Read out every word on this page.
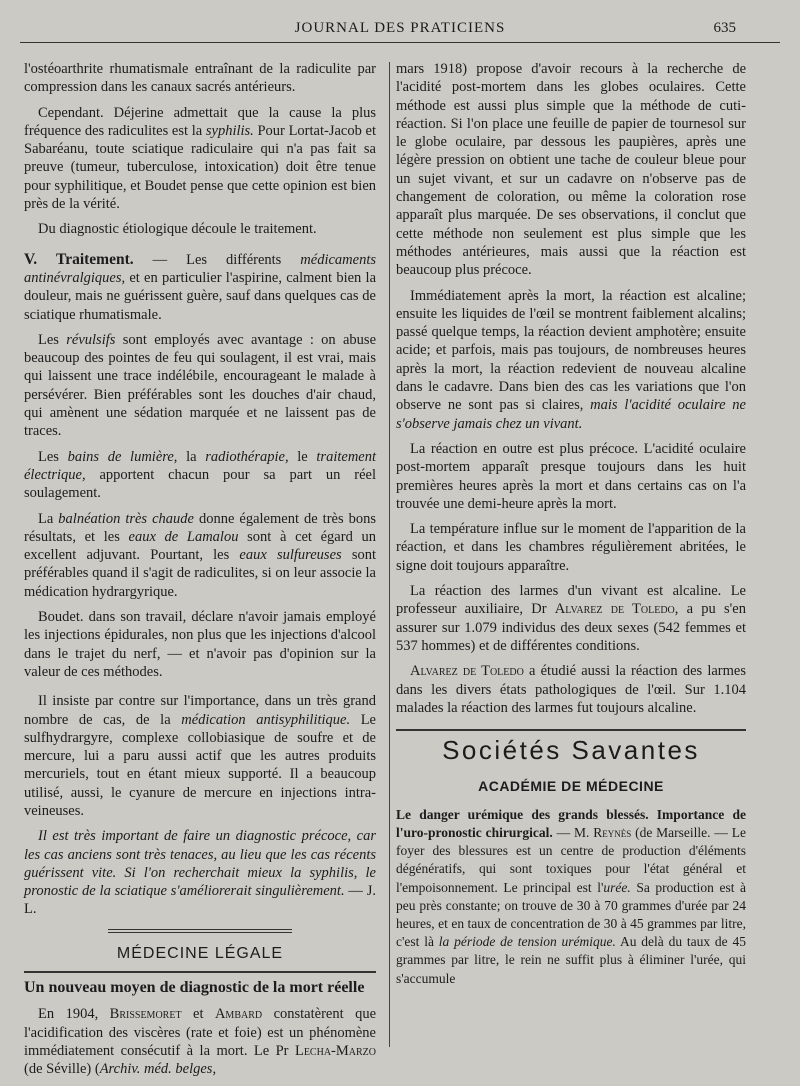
JOURNAL DES PRATICIENS	635

l'ostéoarthrite rhumatismale entraînant de la radiculite par compression dans les canaux sacrés antérieurs.

Cependant. Déjerine admettait que la cause la plus fréquence des radiculites est la syphilis. Pour Lortat-Jacob et Sabaréanu, toute sciatique radiculaire qui n'a pas fait sa preuve (tumeur, tuberculose, intoxication) doit être tenue pour syphilitique, et Boudet pense que cette opinion est bien près de la vérité.

Du diagnostic étiologique découle le traitement.

V. Traitement. — Les différents médicaments antinévralgiques, et en particulier l'aspirine, calment bien la douleur, mais ne guérissent guère, sauf dans quelques cas de sciatique rhumatismale.

Les révulsifs sont employés avec avantage : on abuse beaucoup des pointes de feu qui soulagent, il est vrai, mais qui laissent une trace indélébile, encourageant le malade à persévérer. Bien préférables sont les douches d'air chaud, qui amènent une sédation marquée et ne laissent pas de traces.

Les bains de lumière, la radiothérapie, le traitement électrique, apportent chacun pour sa part un réel soulagement.

La balnéation très chaude donne également de très bons résultats, et les eaux de Lamalou sont à cet égard un excellent adjuvant. Pourtant, les eaux sulfureuses sont préférables quand il s'agit de radiculites, si on leur associe la médication hydrargyrique.

Boudet. dans son travail, déclare n'avoir jamais employé les injections épidurales, non plus que les injections d'alcool dans le trajet du nerf, — et n'avoir pas d'opinion sur la valeur de ces méthodes.

Il insiste par contre sur l'importance, dans un très grand nombre de cas, de la médication antisyphilitique. Le sulfhydrargyre, complexe collobiasique de soufre et de mercure, lui a paru aussi actif que les autres produits mercuriels, tout en étant mieux supporté. Il a beaucoup utilisé, aussi, le cyanure de mercure en injections intra-veineuses.

Il est très important de faire un diagnostic précoce, car les cas anciens sont très tenaces, au lieu que les cas récents guérissent vite. Si l'on recherchait mieux la syphilis, le pronostic de la sciatique s'améliorerait singulièrement. — J. L.

MÉDECINE LÉGALE
Un nouveau moyen de diagnostic de la mort réelle

En 1904, Brissemoret et Ambard constatèrent que l'acidification des viscères (rate et foie) est un phénomène immédiatement consécutif à la mort. Le Pr Lecha-Marzo (de Séville) (Archiv. méd. belges,

mars 1918) propose d'avoir recours à la recherche de l'acidité post-mortem dans les globes oculaires. Cette méthode est aussi plus simple que la méthode de cuti-réaction. Si l'on place une feuille de papier de tournesol sur le globe oculaire, par dessous les paupières, après une légère pression on obtient une tache de couleur bleue pour un sujet vivant, et sur un cadavre on n'observe pas de changement de coloration, ou même la coloration rose apparaît plus marquée. De ses observations, il conclut que cette méthode non seulement est plus simple que les méthodes antérieures, mais aussi que la réaction est beaucoup plus précoce.

Immédiatement après la mort, la réaction est alcaline; ensuite les liquides de l'œil se montrent faiblement alcalins; passé quelque temps, la réaction devient amphotère; ensuite acide; et parfois, mais pas toujours, de nombreuses heures après la mort, la réaction redevient de nouveau alcaline dans le cadavre. Dans bien des cas les variations que l'on observe ne sont pas si claires, mais l'acidité oculaire ne s'observe jamais chez un vivant.

La réaction en outre est plus précoce. L'acidité oculaire post-mortem apparaît presque toujours dans les huit premières heures après la mort et dans certains cas on l'a trouvée une demi-heure après la mort.

La température influe sur le moment de l'apparition de la réaction, et dans les chambres régulièrement abritées, le signe doit toujours apparaître.

La réaction des larmes d'un vivant est alcaline. Le professeur auxiliaire, Dr Alvarez de Toledo, a pu s'en assurer sur 1.079 individus des deux sexes (542 femmes et 537 hommes) et de différentes conditions.

Alvarez de Toledo a étudié aussi la réaction des larmes dans les divers états pathologiques de l'œil. Sur 1.104 malades la réaction des larmes fut toujours alcaline.

Sociétés Savantes
ACADÉMIE DE MÉDECINE
Le danger urémique des grands blessés. Importance de l'uro-pronostic chirurgical. — M. Reynès (de Marseille. — Le foyer des blessures est un centre de production d'éléments dégénératifs, qui sont toxiques pour l'état général et l'empoisonnement. Le principal est l'urée. Sa production est à peu près constante; on trouve de 30 à 70 grammes d'urée par 24 heures, et en taux de concentration de 30 à 45 grammes par litre, c'est là la période de tension urémique. Au delà du taux de 45 grammes par litre, le rein ne suffit plus à éliminer l'urée, qui s'accumule
